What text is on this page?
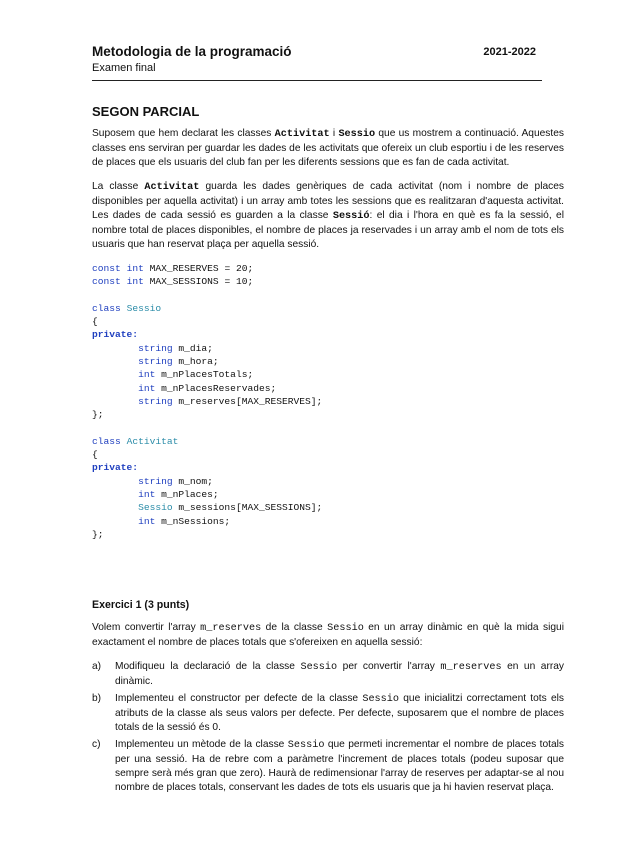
Metodologia de la programació
Examen final
2021-2022
SEGON PARCIAL

Suposem que hem declarat les classes Activitat i Sessio que us mostrem a continuació. Aquestes classes ens serviran per guardar les dades de les activitats que ofereix un club esportiu i de les reserves de places que els usuaris del club fan per les diferents sessions que es fan de cada activitat.

La classe Activitat guarda les dades genèriques de cada activitat (nom i nombre de places disponibles per aquella activitat) i un array amb totes les sessions que es realitzaran d'aquesta activitat. Les dades de cada sessió es guarden a la classe Sessió: el dia i l'hora en què es fa la sessió, el nombre total de places disponibles, el nombre de places ja reservades i un array amb el nom de tots els usuaris que han reservat plaça per aquella sessió.

const int MAX_RESERVES = 20;
const int MAX_SESSIONS = 10;

class Sessio
{
private:
string m_dia;
string m_hora;
int m_nPlacesTotals;
int m_nPlacesReservades;
string m_reserves[MAX_RESERVES];
};

class Activitat
{
private:
string m_nom;
int m_nPlaces;
Sessio m_sessions[MAX_SESSIONS];
int m_nSessions;
};
Exercici 1 (3 punts)

Volem convertir l'array m_reserves de la classe Sessio en un array dinàmic en què la mida sigui exactament el nombre de places totals que s'ofereixen en aquella sessió:

a) Modifiqueu la declaració de la classe Sessio per convertir l'array m_reserves en un array dinàmic.
b) Implementeu el constructor per defecte de la classe Sessio que inicialitzi correctament tots els atributs de la classe als seus valors per defecte. Per defecte, suposarem que el nombre de places totals de la sessió és 0.
c) Implementeu un mètode de la classe Sessio que permeti incrementar el nombre de places totals per una sessió. Ha de rebre com a paràmetre l'increment de places totals (podeu suposar que sempre serà més gran que zero). Haurà de redimensionar l'array de reserves per adaptar-se al nou nombre de places totals, conservant les dades de tots els usuaris que ja hi havien reservat plaça.
